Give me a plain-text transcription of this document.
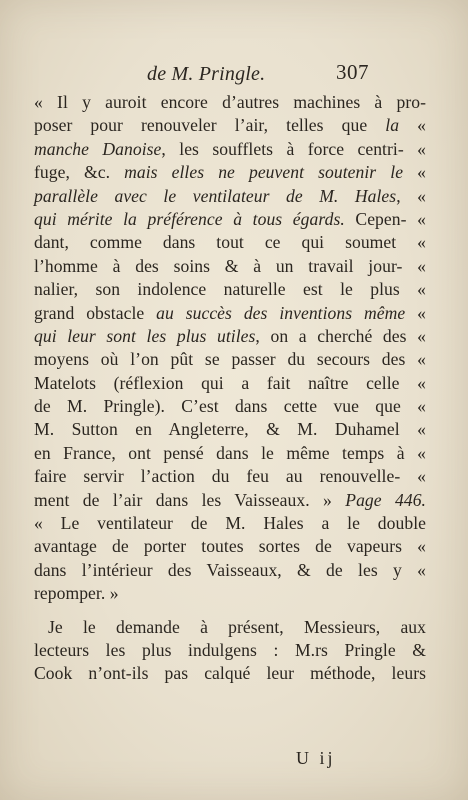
de M. Pringle.	307
« Il y auroit encore d’autres machines à pro-
poser pour renouveler l’air, telles que la «
manche Danoise, les soufflets à force centri- «
fuge, &c. mais elles ne peuvent soutenir le «
parallèle avec le ventilateur de M. Hales, «
qui mérite la préférence à tous égards. Cepen- «
dant, comme dans tout ce qui soumet «
l’homme à des soins & à un travail jour- «
nalier, son indolence naturelle est le plus «
grand obstacle au succès des inventions même «
qui leur sont les plus utiles, on a cherché des «
moyens où l’on pût se passer du secours des «
Matelots (réflexion qui a fait naître celle «
de M. Pringle). C’est dans cette vue que «
M. Sutton en Angleterre, & M. Duhamel «
en France, ont pensé dans le même temps à «
faire servir l’action du feu au renouvelle- «
ment de l’air dans les Vaisseaux. » Page 446.
« Le ventilateur de M. Hales a le double
avantage de porter toutes sortes de vapeurs «
dans l’intérieur des Vaisseaux, & de les y «
repomper. »
Je le demande à présent, Messieurs, aux
lecteurs les plus indulgens : M.rs Pringle &
Cook n’ont-ils pas calqué leur méthode, leurs
U ij
